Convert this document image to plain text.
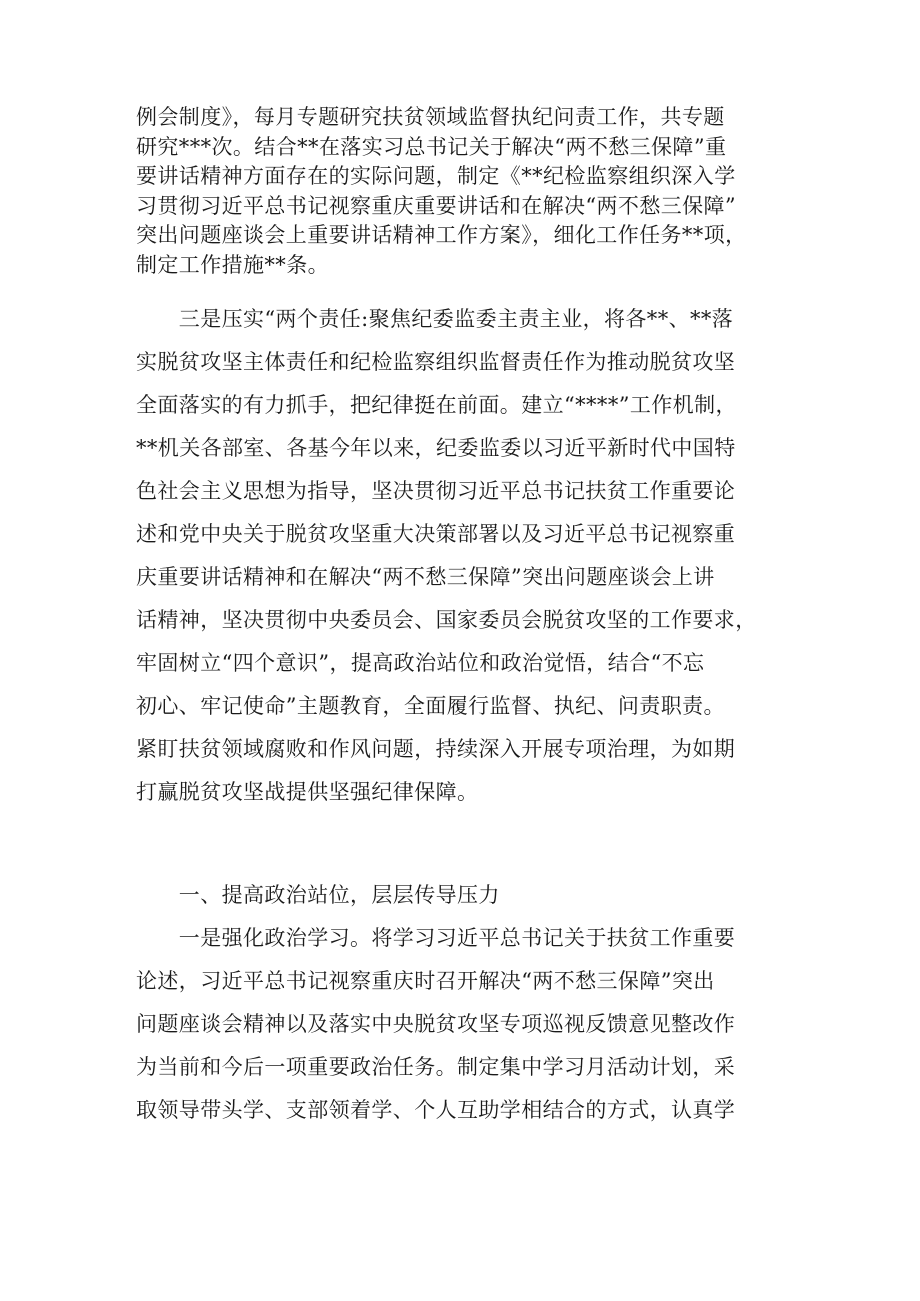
例会制度》，每月专题研究扶贫领域监督执纪问责工作，共专题
研究***次。结合**在落实习总书记关于解决“两不愁三保障”重
要讲话精神方面存在的实际问题，制定《**纪检监察组织深入学
习贯彻习近平总书记视察重庆重要讲话和在解决“两不愁三保障”
突出问题座谈会上重要讲话精神工作方案》，细化工作任务**项，
制定工作措施**条。
　　三是压实“两个责任:聚焦纪委监委主责主业，将各**、**落
实脱贫攻坚主体责任和纪检监察组织监督责任作为推动脱贫攻坚
全面落实的有力抓手，把纪律挺在前面。建立“****”工作机制，
**机关各部室、各基今年以来，纪委监委以习近平新时代中国特
色社会主义思想为指导，坚决贯彻习近平总书记扶贫工作重要论
述和党中央关于脱贫攻坚重大决策部署以及习近平总书记视察重
庆重要讲话精神和在解决“两不愁三保障”突出问题座谈会上讲
话精神，坚决贯彻中央委员会、国家委员会脱贫攻坚的工作要求，
牢固树立“四个意识”，提高政治站位和政治觉悟，结合“不忘
初心、牢记使命”主题教育，全面履行监督、执纪、问责职责。
紧盯扶贫领域腐败和作风问题，持续深入开展专项治理，为如期
打赢脱贫攻坚战提供坚强纪律保障。
　　一、提高政治站位，层层传导压力
　　一是强化政治学习。将学习习近平总书记关于扶贫工作重要
论述，习近平总书记视察重庆时召开解决“两不愁三保障”突出
问题座谈会精神以及落实中央脱贫攻坚专项巡视反馈意见整改作
为当前和今后一项重要政治任务。制定集中学习月活动计划，采
取领导带头学、支部领着学、个人互助学相结合的方式，认真学
